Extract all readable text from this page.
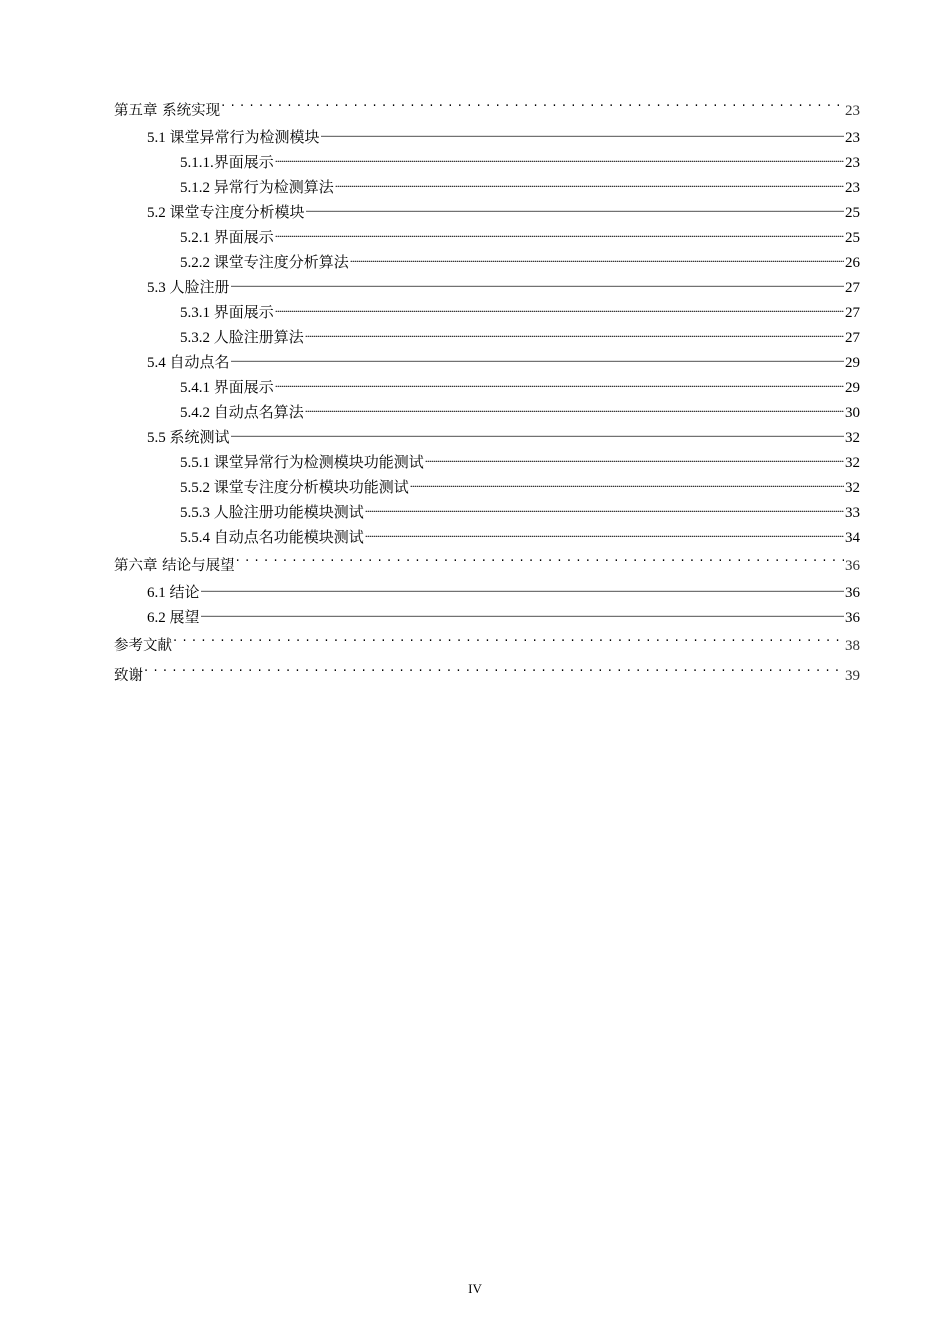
第五章 系统实现 . . .	23
5.1 课堂异常行为检测模块 .....	23
5.1.1.界面展示 .....	23
5.1.2 异常行为检测算法 .....	23
5.2 课堂专注度分析模块 .....	25
5.2.1 界面展示 .....	25
5.2.2 课堂专注度分析算法 .....	26
5.3 人脸注册 .....	27
5.3.1 界面展示 .....	27
5.3.2 人脸注册算法 .....	27
5.4 自动点名 .....	29
5.4.1 界面展示 .....	29
5.4.2 自动点名算法 .....	30
5.5 系统测试 .....	32
5.5.1 课堂异常行为检测模块功能测试 .....	32
5.5.2 课堂专注度分析模块功能测试 .....	32
5.5.3 人脸注册功能模块测试 .....	33
5.5.4 自动点名功能模块测试 .....	34
第六章 结论与展望 . . .	36
6.1 结论 .....	36
6.2 展望 .....	36
参考文献 . . .	38
致谢 . . .	39
IV
